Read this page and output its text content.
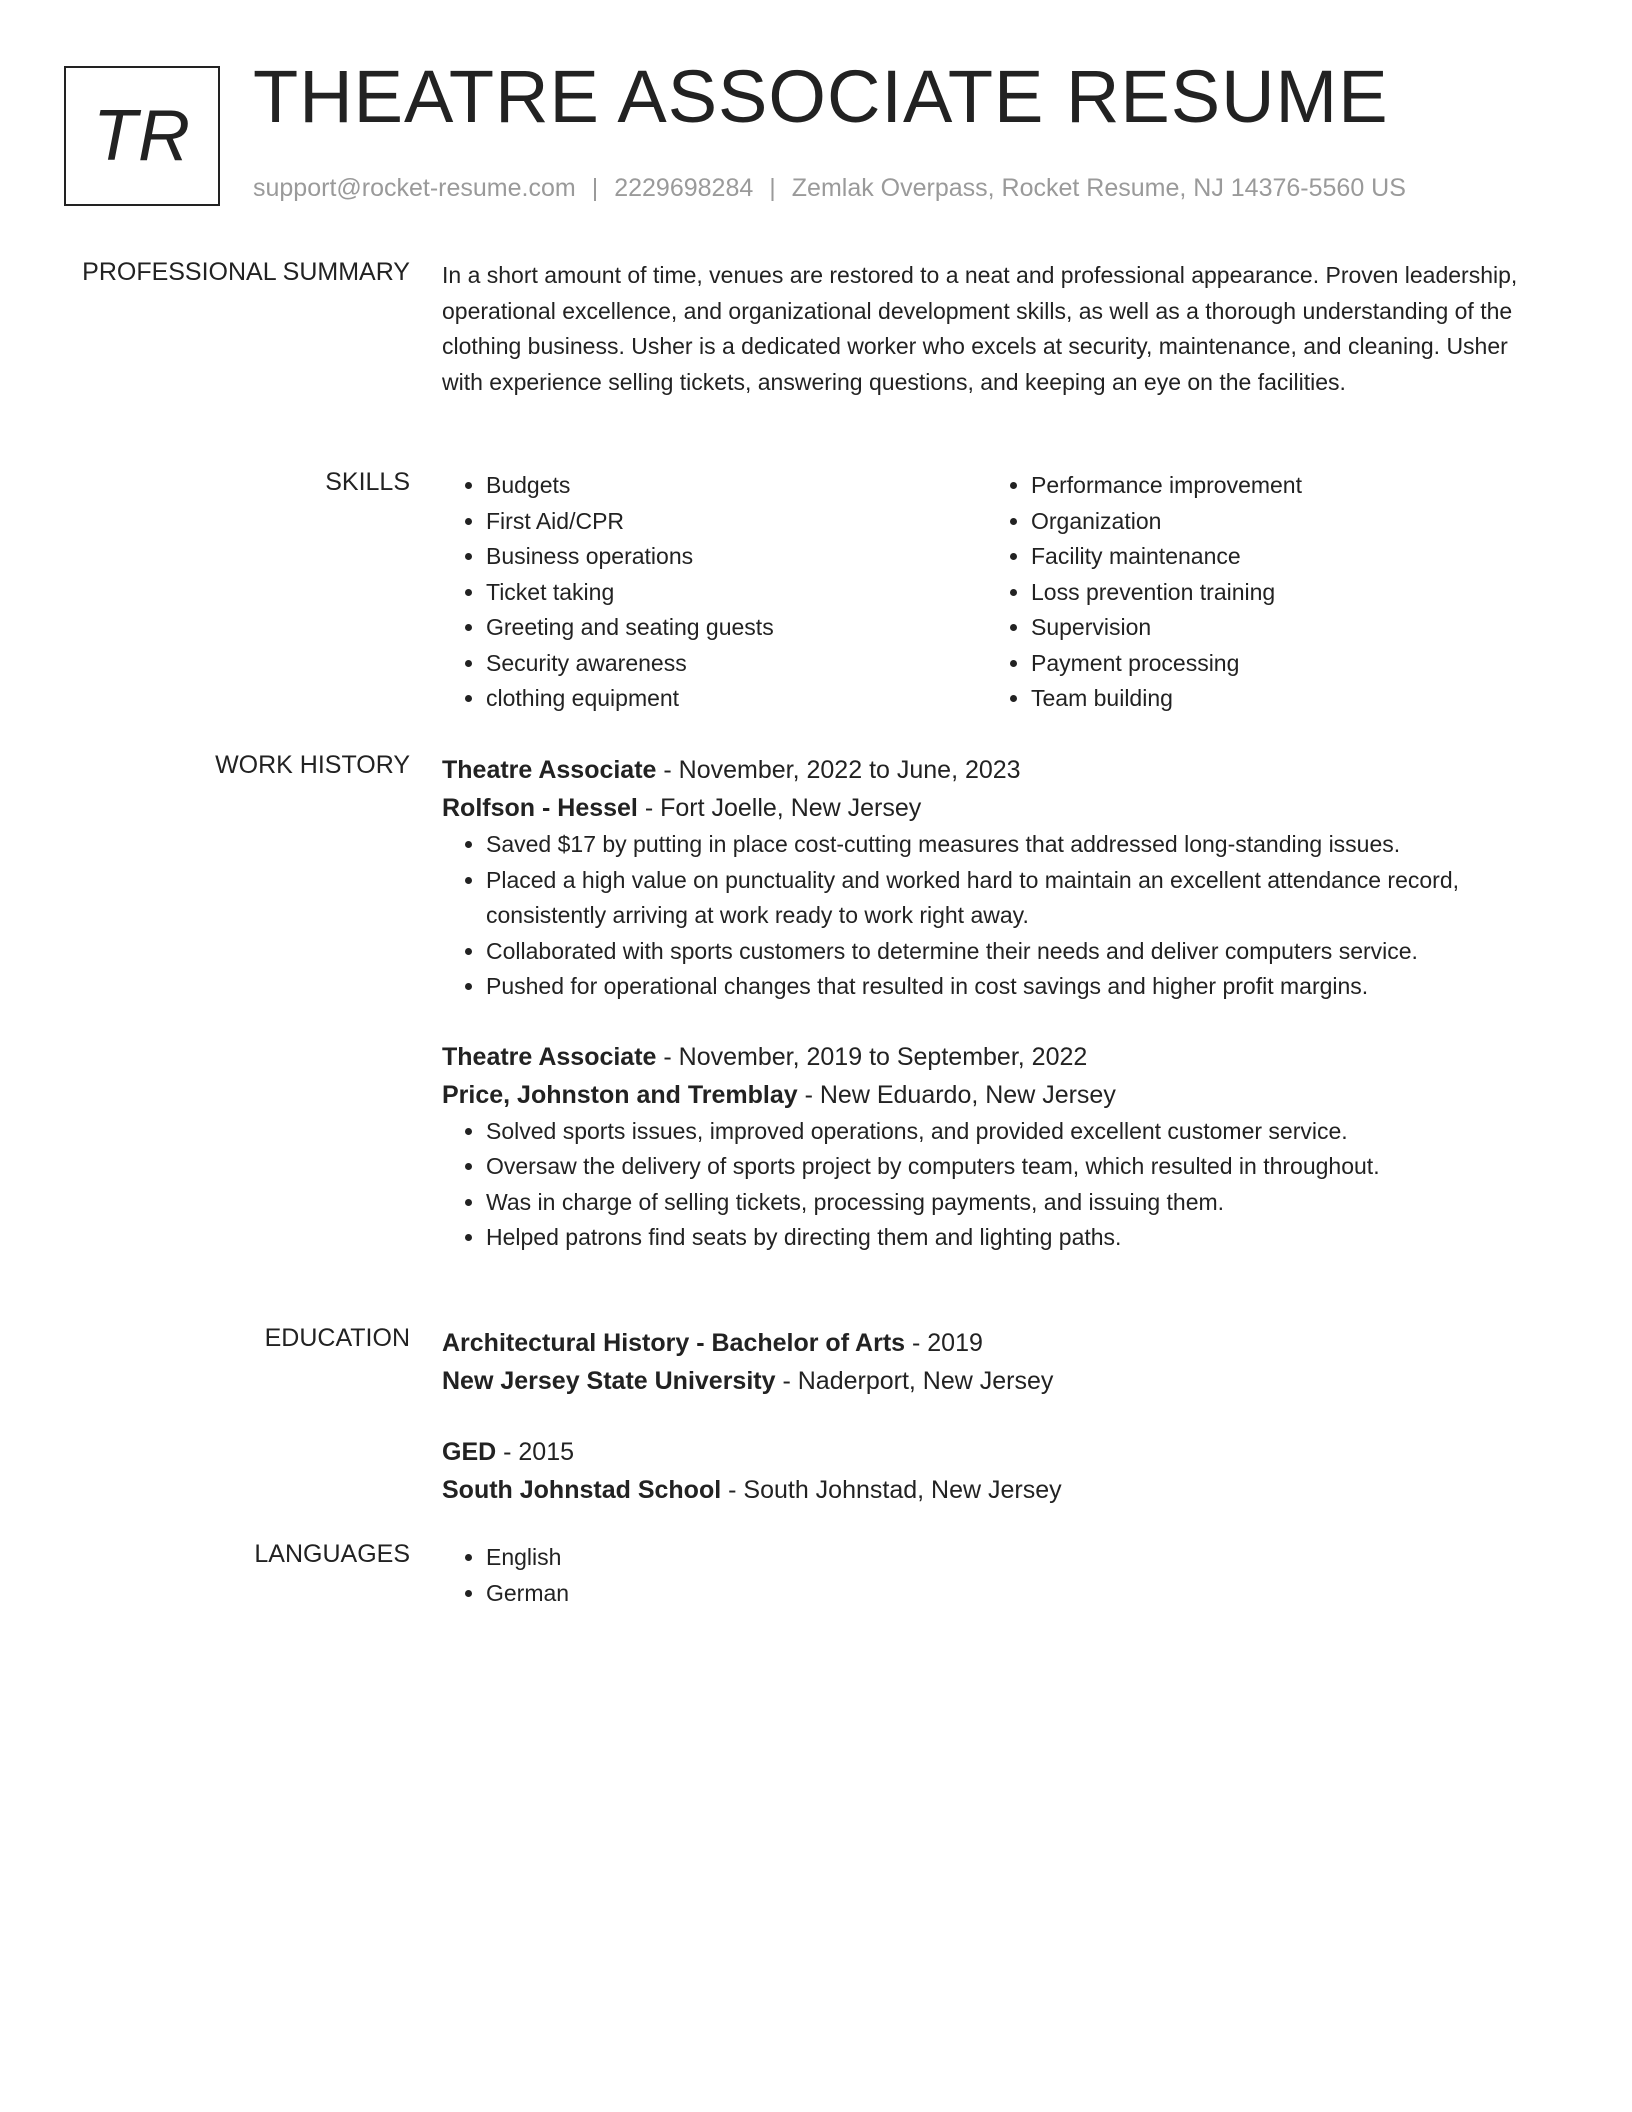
TR THEATRE ASSOCIATE RESUME
support@rocket-resume.com | 2229698284 | Zemlak Overpass, Rocket Resume, NJ 14376-5560 US
PROFESSIONAL SUMMARY In a short amount of time, venues are restored to a neat and professional appearance. Proven leadership, operational excellence, and organizational development skills, as well as a thorough understanding of the clothing business. Usher is a dedicated worker who excels at security, maintenance, and cleaning. Usher with experience selling tickets, answering questions, and keeping an eye on the facilities.

SKILLS	• Budgets
• First Aid/CPR
• Business operations
• Ticket taking
• Greeting and seating guests
• Security awareness
• clothing equipment
• Performance improvement
• Organization
• Facility maintenance
• Loss prevention training
• Supervision
• Payment processing
• Team building
WORK HISTORY Theatre Associate - November, 2022 to June, 2023
Rolfson - Hessel - Fort Joelle, New Jersey
• Saved $17 by putting in place cost-cutting measures that addressed long-standing issues.
• Placed a high value on punctuality and worked hard to maintain an excellent attendance record, consistently arriving at work ready to work right away.
• Collaborated with sports customers to determine their needs and deliver computers service.
• Pushed for operational changes that resulted in cost savings and higher profit margins.
Theatre Associate - November, 2019 to September, 2022
Price, Johnston and Tremblay - New Eduardo, New Jersey
• Solved sports issues, improved operations, and provided excellent customer service.
• Oversaw the delivery of sports project by computers team, which resulted in throughout.
• Was in charge of selling tickets, processing payments, and issuing them.
• Helped patrons find seats by directing them and lighting paths.
EDUCATION Architectural History - Bachelor of Arts - 2019
New Jersey State University - Naderport, New Jersey
GED - 2015
South Johnstad School - South Johnstad, New Jersey
LANGUAGES	• English
• German
